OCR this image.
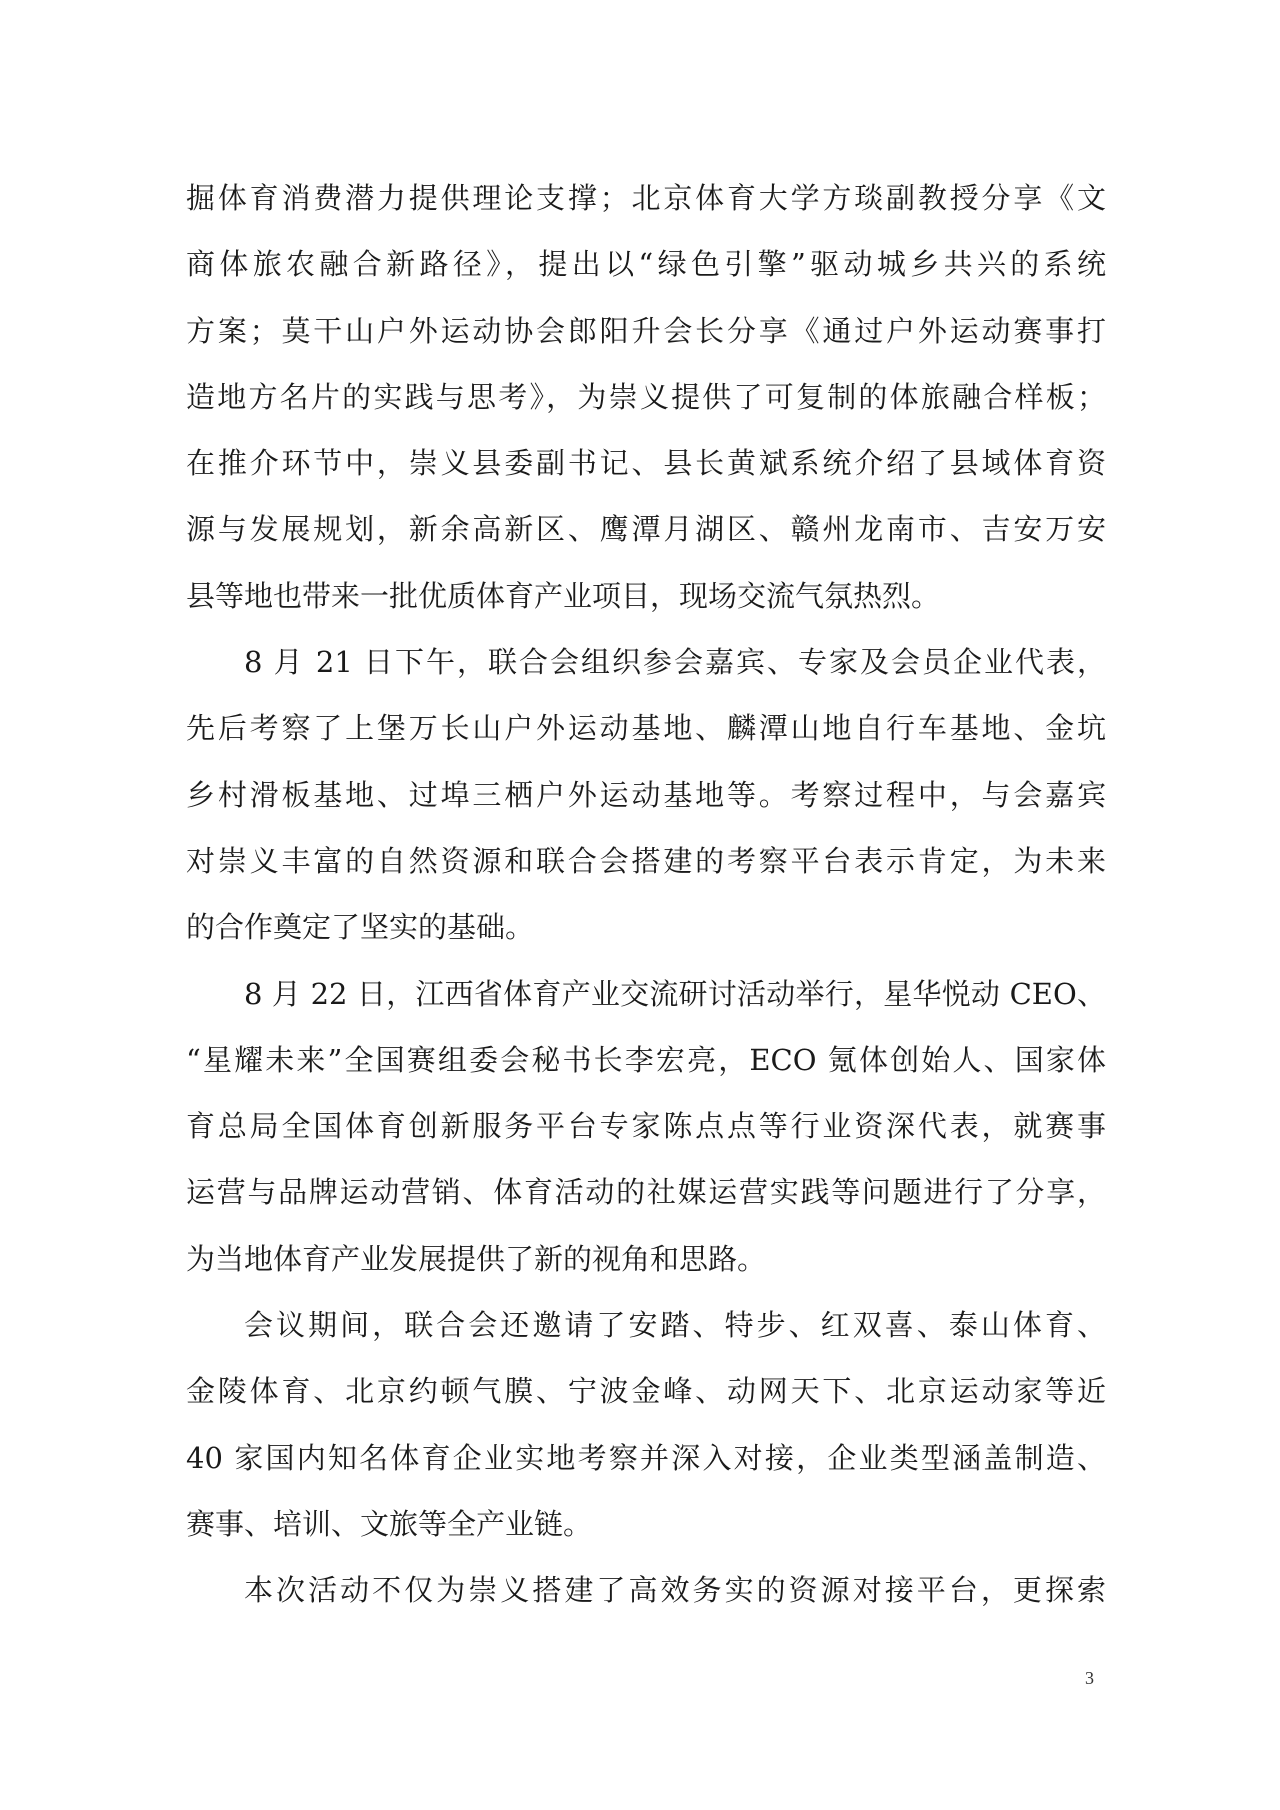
掘体育消费潜力提供理论支撑；北京体育大学方琰副教授分享《文
商体旅农融合新路径》，提出以“绿色引擎”驱动城乡共兴的系统
方案；莫干山户外运动协会郎阳升会长分享《通过户外运动赛事打
造地方名片的实践与思考》，为崇义提供了可复制的体旅融合样板；
在推介环节中，崇义县委副书记、县长黄斌系统介绍了县域体育资
源与发展规划，新余高新区、鹰潭月湖区、赣州龙南市、吉安万安
县等地也带来一批优质体育产业项目，现场交流气氛热烈。
8 月 21 日下午，联合会组织参会嘉宾、专家及会员企业代表，
先后考察了上堡万长山户外运动基地、麟潭山地自行车基地、金坑
乡村滑板基地、过埠三栖户外运动基地等。考察过程中，与会嘉宾
对崇义丰富的自然资源和联合会搭建的考察平台表示肯定，为未来
的合作奠定了坚实的基础。
8 月 22 日，江西省体育产业交流研讨活动举行，星华悦动 CEO、
“星耀未来”全国赛组委会秘书长李宏亮，ECO 氪体创始人、国家体
育总局全国体育创新服务平台专家陈点点等行业资深代表，就赛事
运营与品牌运动营销、体育活动的社媒运营实践等问题进行了分享，
为当地体育产业发展提供了新的视角和思路。
会议期间，联合会还邀请了安踏、特步、红双喜、泰山体育、
金陵体育、北京约顿气膜、宁波金峰、动网天下、北京运动家等近
40 家国内知名体育企业实地考察并深入对接，企业类型涵盖制造、
赛事、培训、文旅等全产业链。
本次活动不仅为崇义搭建了高效务实的资源对接平台，更探索
3
